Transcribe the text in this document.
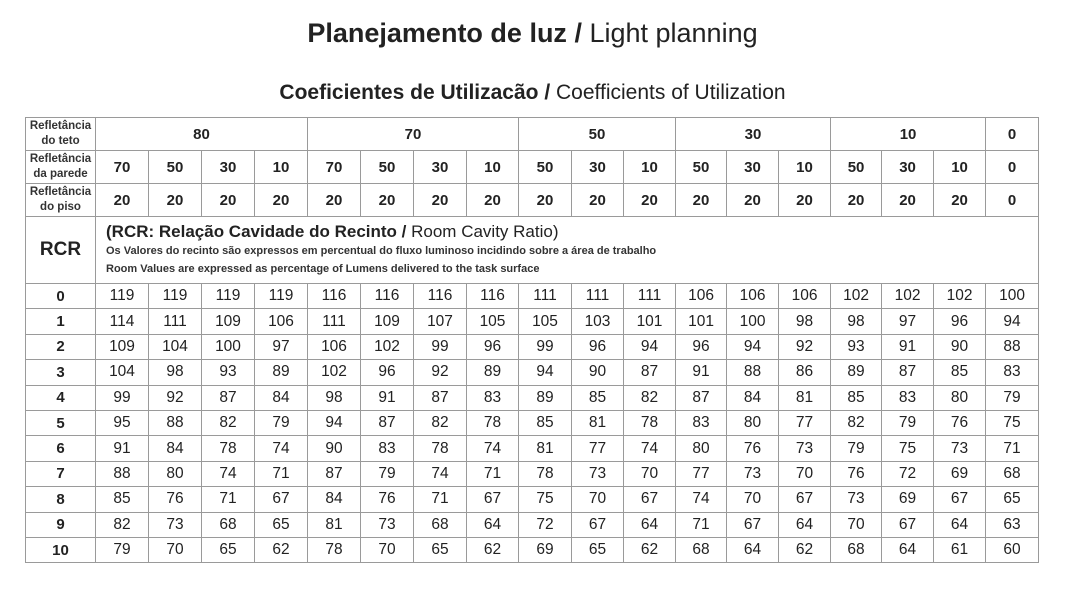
Planejamento de luz / Light planning
Coeficientes de Utilizacão / Coefficients of Utilization
Refletância do teto	80				70				50			30			10			0
Refletância da parede	70	50	30	10	70	50	30	10	50	30	10	50	30	10	50	30	10	0
Refletância do piso	20	20	20	20	20	20	20	20	20	20	20	20	20	20	20	20	20	0
RCR	(RCR: Relação Cavidade do Recinto / Room Cavity Ratio)
Os Valores do recinto são expressos em percentual do fluxo luminoso incidindo sobre a área de trabalho
Room Values are expressed as percentage of Lumens delivered to the task surface																	

0	119	119	119	119	116	116	116	116	111	111	111	106	106	106	102	102	102	100
1	114	111	109	106	111	109	107	105	105	103	101	101	100	98	98	97	96	94
2	109	104	100	97	106	102	99	96	99	96	94	96	94	92	93	91	90	88
3	104	98	93	89	102	96	92	89	94	90	87	91	88	86	89	87	85	83
4	99	92	87	84	98	91	87	83	89	85	82	87	84	81	85	83	80	79
5	95	88	82	79	94	87	82	78	85	81	78	83	80	77	82	79	76	75
6	91	84	78	74	90	83	78	74	81	77	74	80	76	73	79	75	73	71
7	88	80	74	71	87	79	74	71	78	73	70	77	73	70	76	72	69	68
8	85	76	71	67	84	76	71	67	75	70	67	74	70	67	73	69	67	65
9	82	73	68	65	81	73	68	64	72	67	64	71	67	64	70	67	64	63
10	79	70	65	62	78	70	65	62	69	65	62	68	64	62	68	64	61	60
